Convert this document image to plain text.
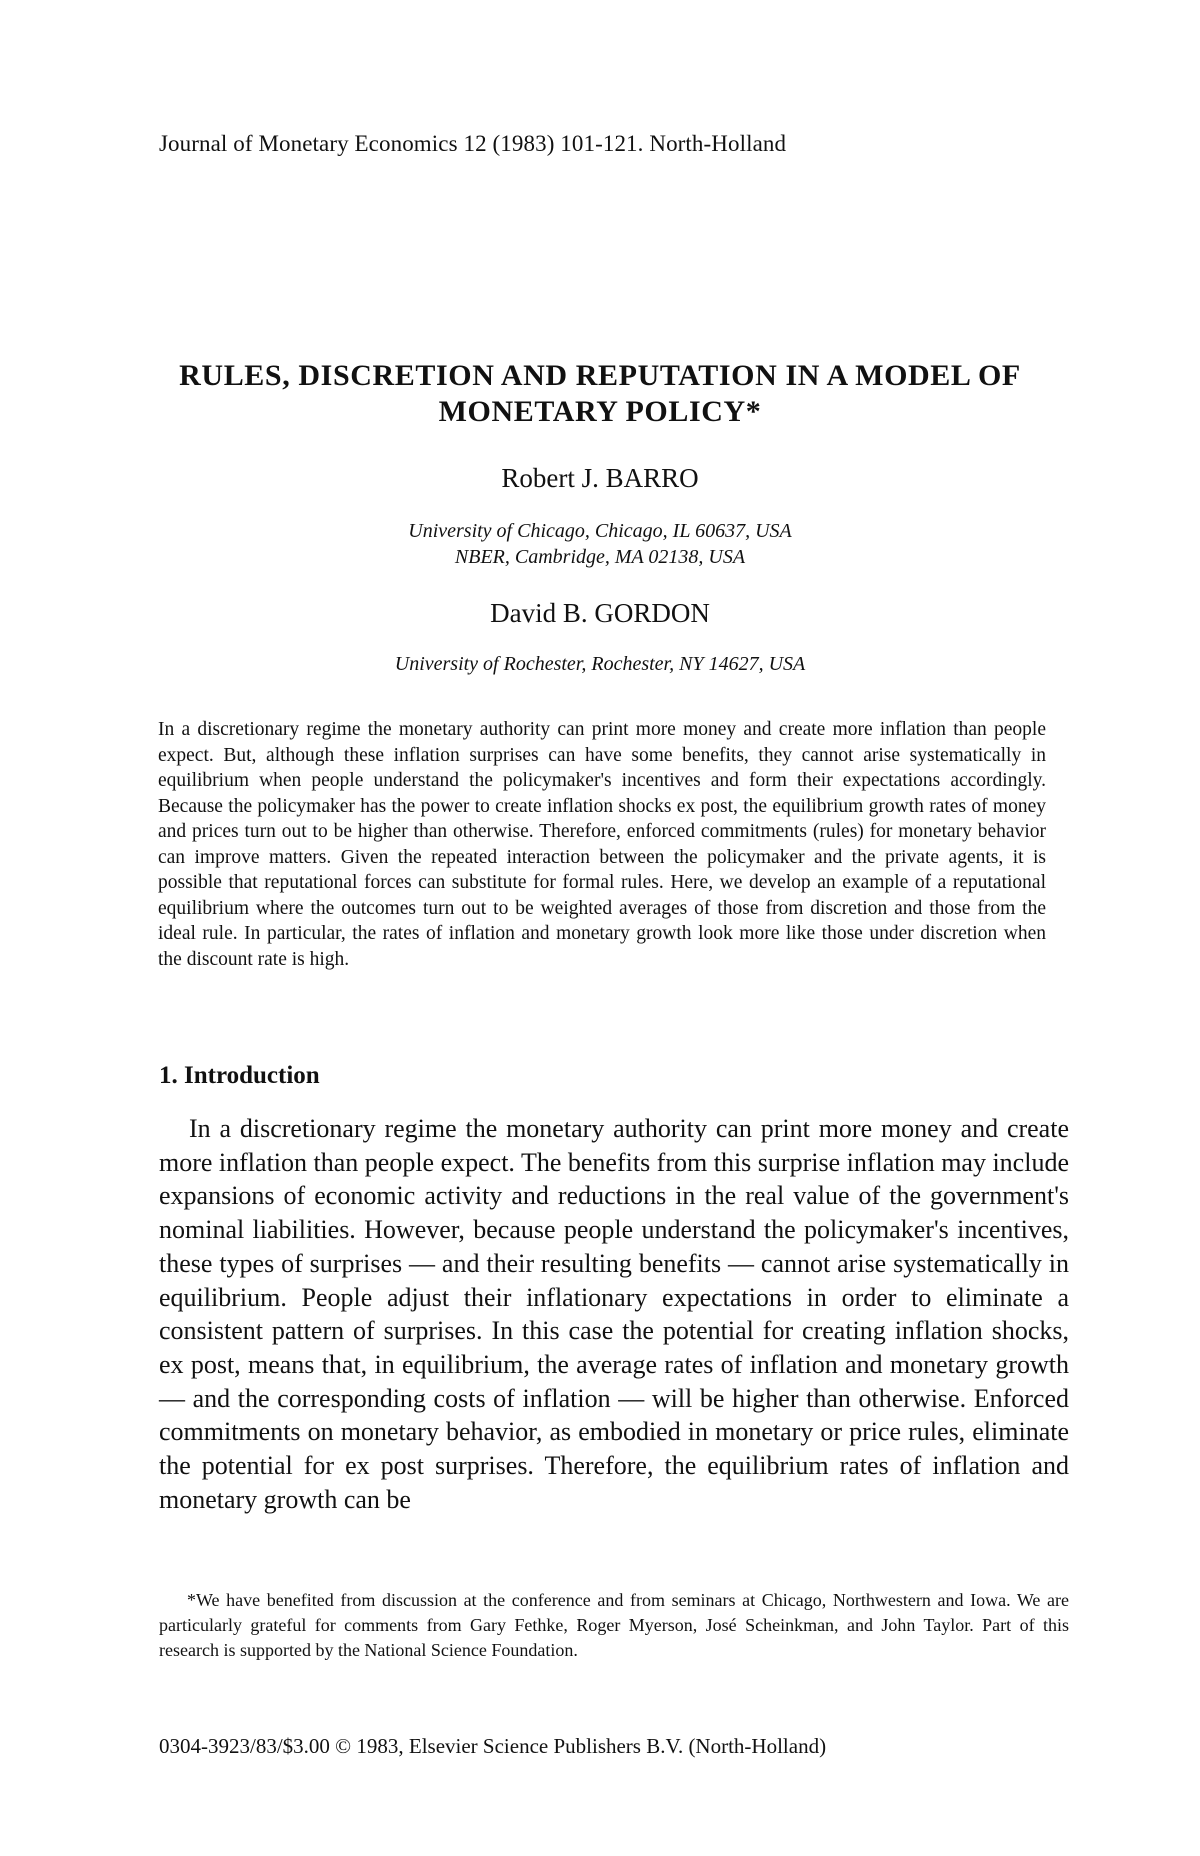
Journal of Monetary Economics 12 (1983) 101-121. North-Holland
RULES, DISCRETION AND REPUTATION IN A MODEL OF
MONETARY POLICY*
Robert J. BARRO
University of Chicago, Chicago, IL 60637, USA
NBER, Cambridge, MA 02138, USA
David B. GORDON
University of Rochester, Rochester, NY 14627, USA

In a discretionary regime the monetary authority can print more money and create more inflation than people expect. But, although these inflation surprises can have some benefits, they cannot arise systematically in equilibrium when people understand the policymaker's incentives and form their expectations accordingly. Because the policymaker has the power to create inflation shocks ex post, the equilibrium growth rates of money and prices turn out to be higher than otherwise. Therefore, enforced commitments (rules) for monetary behavior can improve matters. Given the repeated interaction between the policymaker and the private agents, it is possible that reputational forces can substitute for formal rules. Here, we develop an example of a reputational equilibrium where the outcomes turn out to be weighted averages of those from discretion and those from the ideal rule. In particular, the rates of inflation and monetary growth look more like those under discretion when the discount rate is high.

1. Introduction

In a discretionary regime the monetary authority can print more money and create more inflation than people expect. The benefits from this surprise inflation may include expansions of economic activity and reductions in the real value of the government's nominal liabilities. However, because people understand the policymaker's incentives, these types of surprises — and their resulting benefits — cannot arise systematically in equilibrium. People adjust their inflationary expectations in order to eliminate a consistent pattern of surprises. In this case the potential for creating inflation shocks, ex post, means that, in equilibrium, the average rates of inflation and monetary growth — and the corresponding costs of inflation — will be higher than otherwise. Enforced commitments on monetary behavior, as embodied in monetary or price rules, eliminate the potential for ex post surprises. Therefore, the equilibrium rates of inflation and monetary growth can be

*We have benefited from discussion at the conference and from seminars at Chicago, Northwestern and Iowa. We are particularly grateful for comments from Gary Fethke, Roger Myerson, José Scheinkman, and John Taylor. Part of this research is supported by the National Science Foundation.

0304-3923/83/$3.00 © 1983, Elsevier Science Publishers B.V. (North-Holland)
